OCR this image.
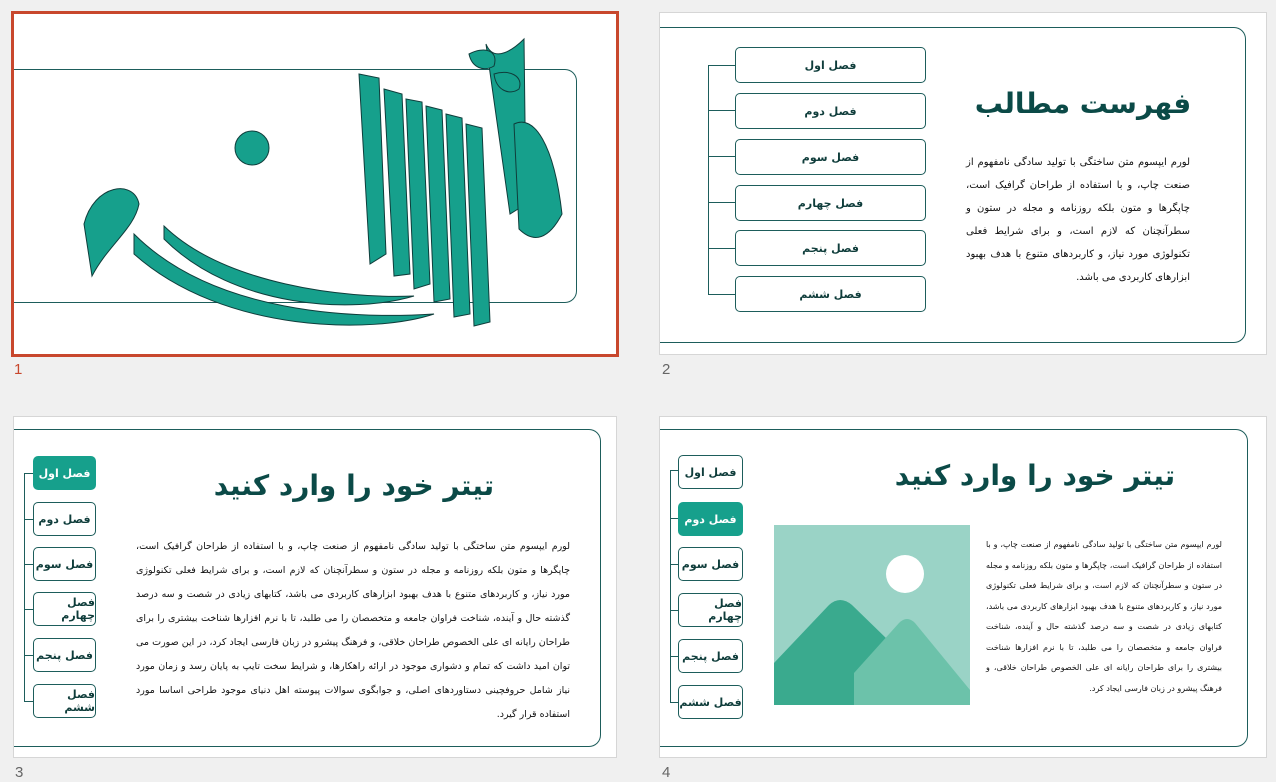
1
فصل اول
فصل دوم
فصل سوم
فصل چهارم
فصل پنجم
فصل ششم
فهرست مطالب
لورم ایپسوم متن ساختگی با تولید سادگی نامفهوم از صنعت چاپ، و با استفاده از طراحان گرافیک است، چاپگرها و متون بلکه روزنامه و مجله در ستون و سطرآنچنان که لازم است، و برای شرایط فعلی تکنولوژی مورد نیاز، و کاربردهای متنوع با هدف بهبود ابزارهای کاربردی می باشد.
2
فصل اول
فصل دوم
فصل سوم
فصل چهارم
فصل پنجم
فصل ششم
تیتر خود را وارد کنید
لورم ایپسوم متن ساختگی با تولید سادگی نامفهوم از صنعت چاپ، و با استفاده از طراحان گرافیک است، چاپگرها و متون بلکه روزنامه و مجله در ستون و سطرآنچنان که لازم است، و برای شرایط فعلی تکنولوژی مورد نیاز، و کاربردهای متنوع با هدف بهبود ابزارهای کاربردی می باشد، کتابهای زیادی در شصت و سه درصد گذشته حال و آینده، شناخت فراوان جامعه و متخصصان را می طلبد، تا با نرم افزارها شناخت بیشتری را برای طراحان رایانه ای علی الخصوص طراحان خلاقی، و فرهنگ پیشرو در زبان فارسی ایجاد کرد، در این صورت می توان امید داشت که تمام و دشواری موجود در ارائه راهکارها، و شرایط سخت تایپ به پایان رسد و زمان مورد نیاز شامل حروفچینی دستاوردهای اصلی، و جوابگوی سوالات پیوسته اهل دنیای موجود طراحی اساسا مورد استفاده قرار گیرد.
3
فصل اول
فصل دوم
فصل سوم
فصل چهارم
فصل پنجم
فصل ششم
تیتر خود را وارد کنید
لورم ایپسوم متن ساختگی با تولید سادگی نامفهوم از صنعت چاپ، و با استفاده از طراحان گرافیک است، چاپگرها و متون بلکه روزنامه و مجله در ستون و سطرآنچنان که لازم است، و برای شرایط فعلی تکنولوژی مورد نیاز، و کاربردهای متنوع با هدف بهبود ابزارهای کاربردی می باشد، کتابهای زیادی در شصت و سه درصد گذشته حال و آینده، شناخت فراوان جامعه و متخصصان را می طلبد، تا با نرم افزارها شناخت بیشتری را برای طراحان رایانه ای علی الخصوص طراحان خلاقی، و فرهنگ پیشرو در زبان فارسی ایجاد کرد.
4
